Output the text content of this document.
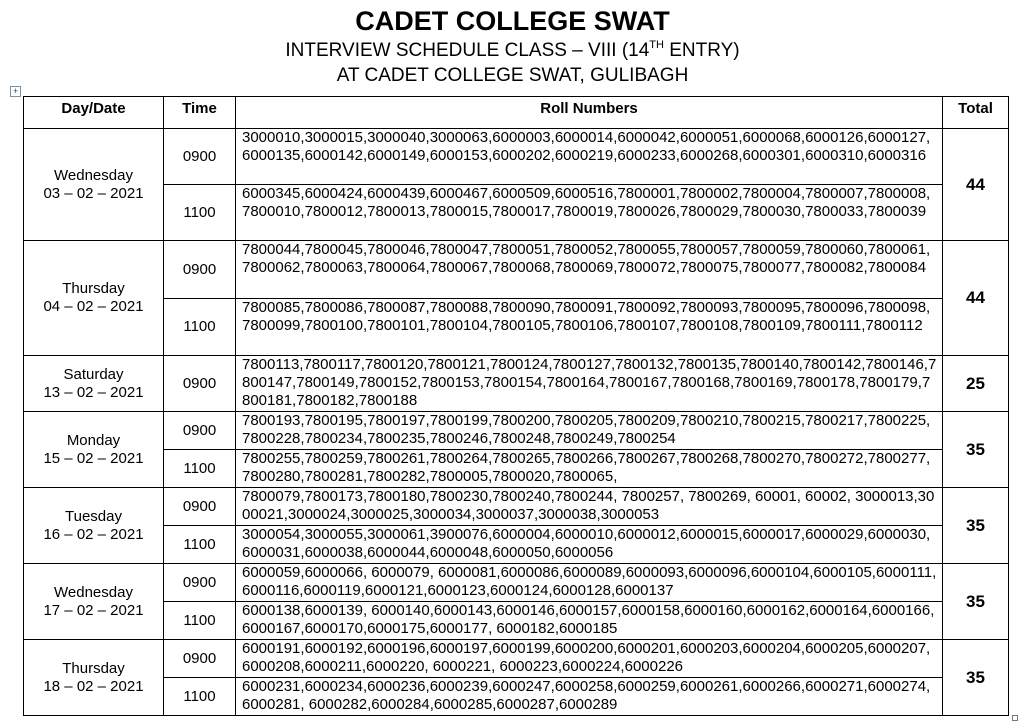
CADET COLLEGE SWAT
INTERVIEW SCHEDULE CLASS – VIII (14TH ENTRY)
AT CADET COLLEGE SWAT, GULIBAGH
+
Day/Date	Time	Roll Numbers	Total

Wednesday
03 – 02 – 2021	0900	3000010,3000015,3000040,3000063,6000003,6000014,6000042,6000051,6000068,6000126,6000127,6000135,6000142,6000149,6000153,6000202,6000219,6000233,6000268,6000301,6000310,6000316	44
	1100	6000345,6000424,6000439,6000467,6000509,6000516,7800001,7800002,7800004,7800007,7800008,7800010,7800012,7800013,7800015,7800017,7800019,7800026,7800029,7800030,7800033,7800039	

Thursday
04 – 02 – 2021	0900	7800044,7800045,7800046,7800047,7800051,7800052,7800055,7800057,7800059,7800060,7800061,7800062,7800063,7800064,7800067,7800068,7800069,7800072,7800075,7800077,7800082,7800084	44
	1100	7800085,7800086,7800087,7800088,7800090,7800091,7800092,7800093,7800095,7800096,7800098,7800099,7800100,7800101,7800104,7800105,7800106,7800107,7800108,7800109,7800111,7800112	

Saturday
13 – 02 – 2021	0900	7800113,7800117,7800120,7800121,7800124,7800127,7800132,7800135,7800140,7800142,7800146,7800147,7800149,7800152,7800153,7800154,7800164,7800167,7800168,7800169,7800178,7800179,7800181,7800182,7800188	25

Monday
15 – 02 – 2021	0900	7800193,7800195,7800197,7800199,7800200,7800205,7800209,7800210,7800215,7800217,7800225,7800228,7800234,7800235,7800246,7800248,7800249,7800254	35
	1100	7800255,7800259,7800261,7800264,7800265,7800266,7800267,7800268,7800270,7800272,7800277,7800280,7800281,7800282,7800005,7800020,7800065,	

Tuesday
16 – 02 – 2021	0900	7800079,7800173,7800180,7800230,7800240,7800244, 7800257, 7800269, 60001, 60002, 3000013,3000021,3000024,3000025,3000034,3000037,3000038,3000053	35
	1100	3000054,3000055,3000061,3900076,6000004,6000010,6000012,6000015,6000017,6000029,6000030,6000031,6000038,6000044,6000048,6000050,6000056	

Wednesday
17 – 02 – 2021	0900	6000059,6000066, 6000079, 6000081,6000086,6000089,6000093,6000096,6000104,6000105,6000111,6000116,6000119,6000121,6000123,6000124,6000128,6000137	35
	1100	6000138,6000139, 6000140,6000143,6000146,6000157,6000158,6000160,6000162,6000164,6000166,6000167,6000170,6000175,6000177, 6000182,6000185	

Thursday
18 – 02 – 2021	0900	6000191,6000192,6000196,6000197,6000199,6000200,6000201,6000203,6000204,6000205,6000207,6000208,6000211,6000220, 6000221, 6000223,6000224,6000226	35
	1100	6000231,6000234,6000236,6000239,6000247,6000258,6000259,6000261,6000266,6000271,6000274, 6000281, 6000282,6000284,6000285,6000287,6000289	
